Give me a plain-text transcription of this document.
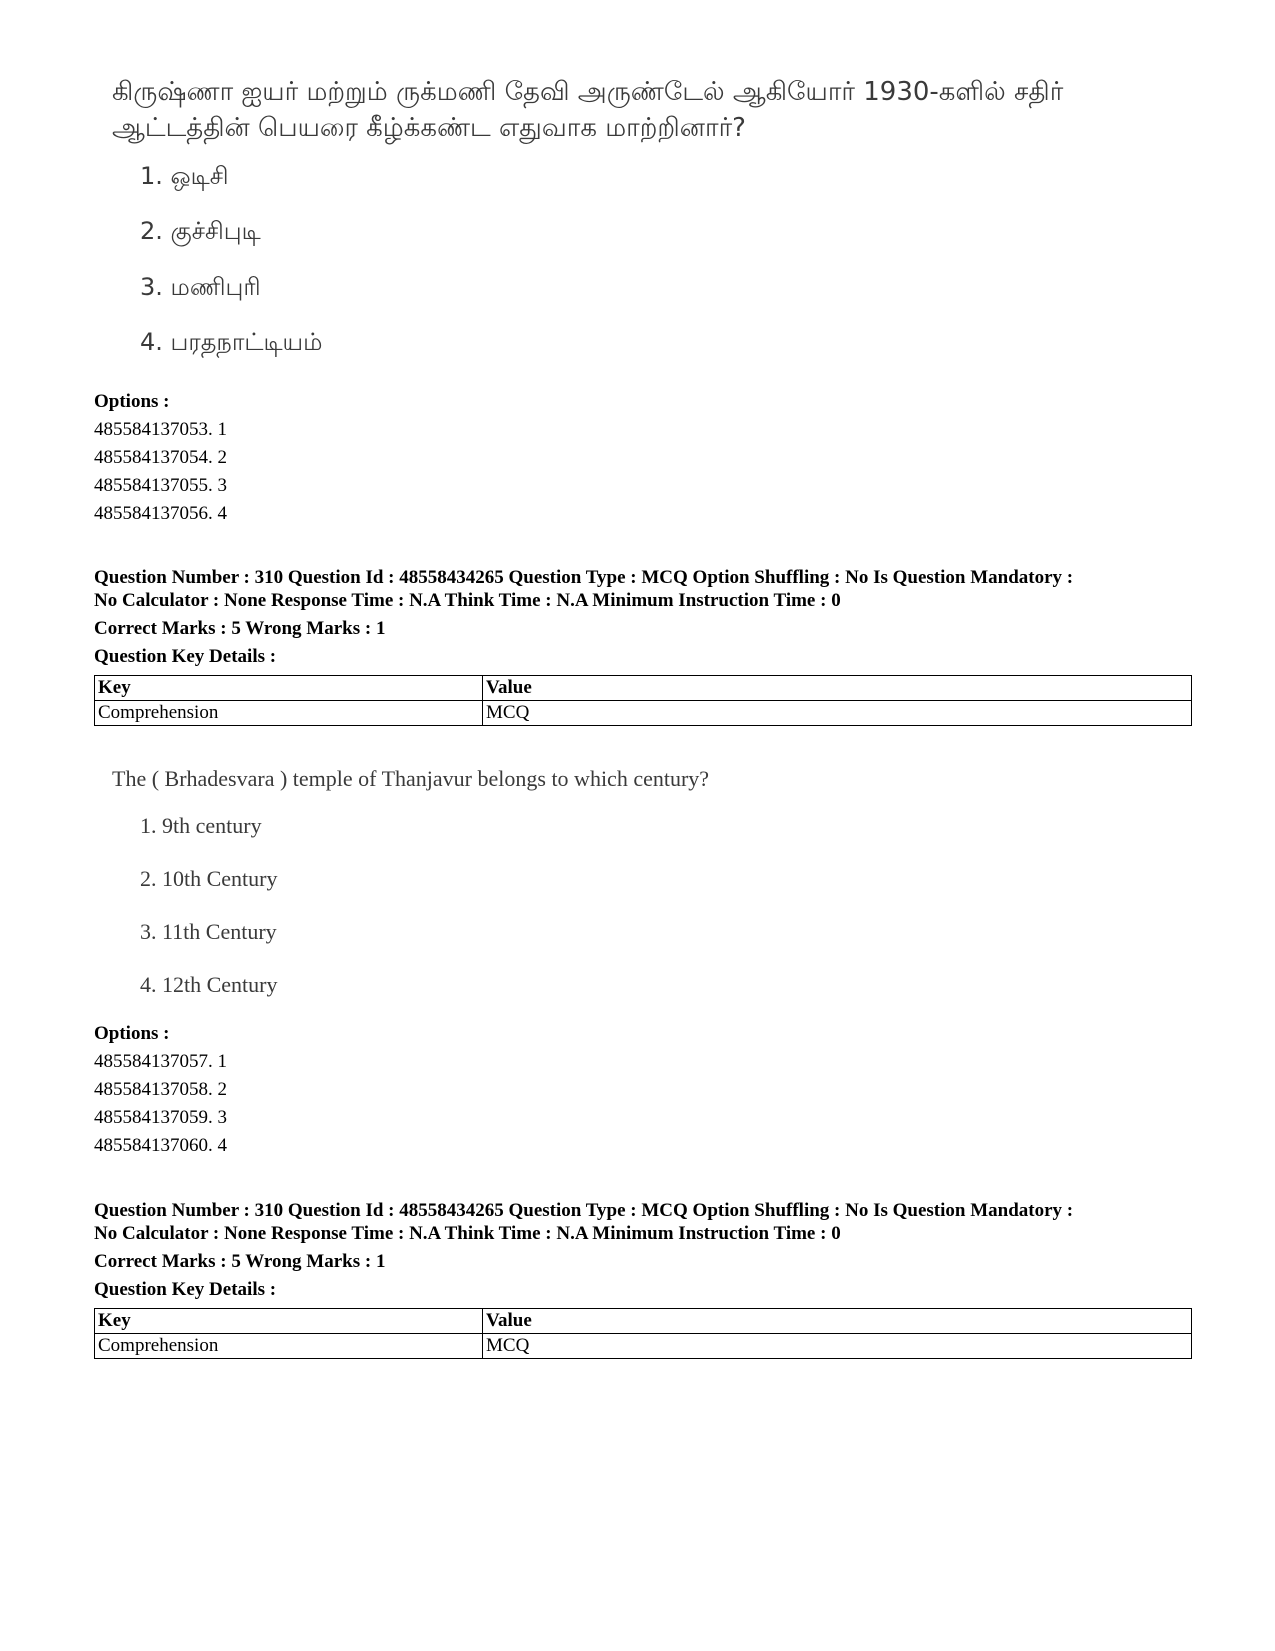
கிருஷ்ணா ஐயர் மற்றும் ருக்மணி தேவி அருண்டேல் ஆகியோர் 1930-களில் சதிர் ஆட்டத்தின் பெயரை கீழ்க்கண்ட எதுவாக மாற்றினார்?
1. ஒடிசி
2. குச்சிபுடி
3. மணிபுரி
4. பரதநாட்டியம்
Options :
485584137053. 1
485584137054. 2
485584137055. 3
485584137056. 4
Question Number : 310 Question Id : 48558434265 Question Type : MCQ Option Shuffling : No Is Question Mandatory :
No Calculator : None Response Time : N.A Think Time : N.A Minimum Instruction Time : 0
Correct Marks : 5 Wrong Marks : 1
Question Key Details :
Key	Value
Comprehension	MCQ
The ( Brhadesvara ) temple of Thanjavur belongs to which century?
1. 9th century
2. 10th Century
3. 11th Century
4. 12th Century
Options :
485584137057. 1
485584137058. 2
485584137059. 3
485584137060. 4
Question Number : 310 Question Id : 48558434265 Question Type : MCQ Option Shuffling : No Is Question Mandatory :
No Calculator : None Response Time : N.A Think Time : N.A Minimum Instruction Time : 0
Correct Marks : 5 Wrong Marks : 1
Question Key Details :
Key	Value
Comprehension	MCQ
